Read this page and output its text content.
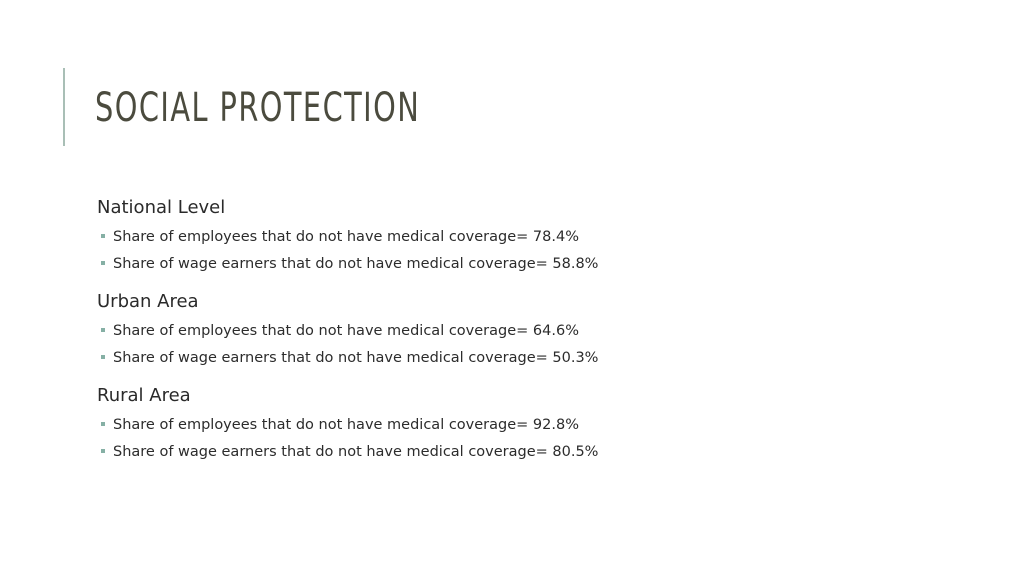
SOCIAL PROTECTION
National Level
Share of employees that do not have medical coverage= 78.4%
Share of wage earners that do not have medical coverage= 58.8%
Urban Area
Share of employees that do not have medical coverage= 64.6%
Share of wage earners that do not have medical coverage= 50.3%
Rural Area
Share of employees that do not have medical coverage= 92.8%
Share of wage earners that do not have medical coverage= 80.5%
